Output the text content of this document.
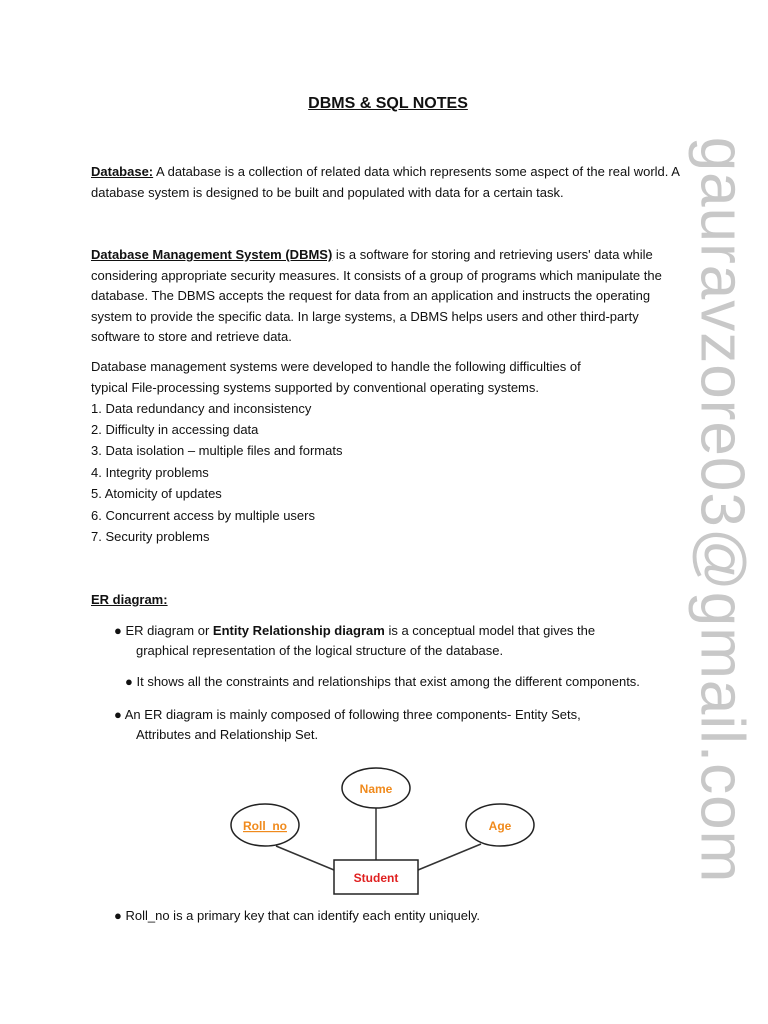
gauravzore03@gmail.com
DBMS & SQL NOTES

Database: A database is a collection of related data which represents some aspect of the real world. A database system is designed to be built and populated with data for a certain task.

Database Management System (DBMS) is a software for storing and retrieving users' data while considering appropriate security measures. It consists of a group of programs which manipulate the database. The DBMS accepts the request for data from an application and instructs the operating system to provide the specific data. In large systems, a DBMS helps users and other third-party software to store and retrieve data.

Database management systems were developed to handle the following difficulties of
typical File-processing systems supported by conventional operating systems.
1. Data redundancy and inconsistency
2. Difficulty in accessing data
3. Data isolation – multiple files and formats
4. Integrity problems
5. Atomicity of updates
6. Concurrent access by multiple users
7. Security problems
ER diagram:
● ER diagram or Entity Relationship diagram is a conceptual model that gives the
graphical representation of the logical structure of the database.
● It shows all the constraints and relationships that exist among the different components.
● An ER diagram is mainly composed of following three components- Entity Sets,
Attributes and Relationship Set.
Name
Roll_no	Age
Student
● Roll_no is a primary key that can identify each entity uniquely.
